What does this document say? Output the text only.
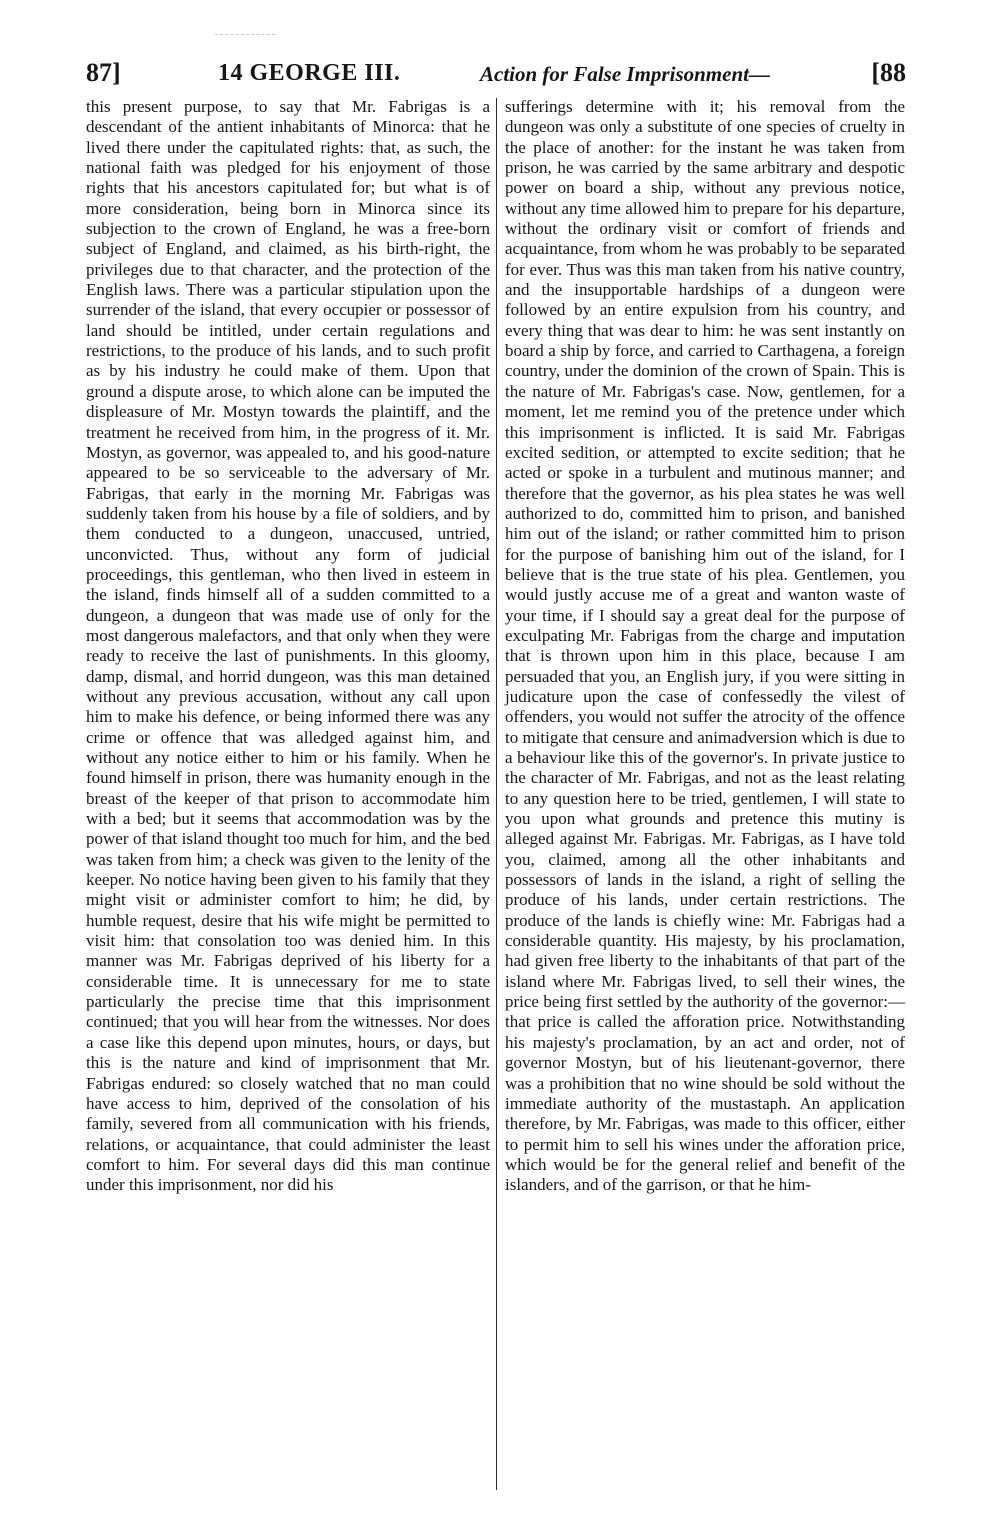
87]	14 GEORGE III.	Action for False Imprisonment—	[88

this present purpose, to say that Mr. Fabrigas is a descendant of the antient inhabitants of Minorca: that he lived there under the capitulated rights: that, as such, the national faith was pledged for his enjoyment of those rights that his ancestors capitulated for; but what is of more consideration, being born in Minorca since its subjection to the crown of England, he was a free-born subject of England, and claimed, as his birth-right, the privileges due to that character, and the protection of the English laws. There was a particular stipulation upon the surrender of the island, that every occupier or possessor of land should be intitled, under certain regulations and restrictions, to the produce of his lands, and to such profit as by his industry he could make of them. Upon that ground a dispute arose, to which alone can be imputed the displeasure of Mr. Mostyn towards the plaintiff, and the treatment he received from him, in the progress of it. Mr. Mostyn, as governor, was appealed to, and his good-nature appeared to be so serviceable to the adversary of Mr. Fabrigas, that early in the morning Mr. Fabrigas was suddenly taken from his house by a file of soldiers, and by them conducted to a dungeon, unaccused, untried, unconvicted. Thus, without any form of judicial proceedings, this gentleman, who then lived in esteem in the island, finds himself all of a sudden committed to a dungeon, a dungeon that was made use of only for the most dangerous malefactors, and that only when they were ready to receive the last of punishments. In this gloomy, damp, dismal, and horrid dungeon, was this man detained without any previous accusation, without any call upon him to make his defence, or being informed there was any crime or offence that was alledged against him, and without any notice either to him or his family. When he found himself in prison, there was humanity enough in the breast of the keeper of that prison to accommodate him with a bed; but it seems that accommodation was by the power of that island thought too much for him, and the bed was taken from him; a check was given to the lenity of the keeper. No notice having been given to his family that they might visit or administer comfort to him; he did, by humble request, desire that his wife might be permitted to visit him: that consolation too was denied him. In this manner was Mr. Fabrigas deprived of his liberty for a considerable time. It is unnecessary for me to state particularly the precise time that this imprisonment continued; that you will hear from the witnesses. Nor does a case like this depend upon minutes, hours, or days, but this is the nature and kind of imprisonment that Mr. Fabrigas endured: so closely watched that no man could have access to him, deprived of the consolation of his family, severed from all communication with his friends, relations, or acquaintance, that could administer the least comfort to him. For several days did this man continue under this imprisonment, nor did his

sufferings determine with it; his removal from the dungeon was only a substitute of one species of cruelty in the place of another: for the instant he was taken from prison, he was carried by the same arbitrary and despotic power on board a ship, without any previous notice, without any time allowed him to prepare for his departure, without the ordinary visit or comfort of friends and acquaintance, from whom he was probably to be separated for ever. Thus was this man taken from his native country, and the insupportable hardships of a dungeon were followed by an entire expulsion from his country, and every thing that was dear to him: he was sent instantly on board a ship by force, and carried to Carthagena, a foreign country, under the dominion of the crown of Spain. This is the nature of Mr. Fabrigas's case. Now, gentlemen, for a moment, let me remind you of the pretence under which this imprisonment is inflicted. It is said Mr. Fabrigas excited sedition, or attempted to excite sedition; that he acted or spoke in a turbulent and mutinous manner; and therefore that the governor, as his plea states he was well authorized to do, committed him to prison, and banished him out of the island; or rather committed him to prison for the purpose of banishing him out of the island, for I believe that is the true state of his plea. Gentlemen, you would justly accuse me of a great and wanton waste of your time, if I should say a great deal for the purpose of exculpating Mr. Fabrigas from the charge and imputation that is thrown upon him in this place, because I am persuaded that you, an English jury, if you were sitting in judicature upon the case of confessedly the vilest of offenders, you would not suffer the atrocity of the offence to mitigate that censure and animadversion which is due to a behaviour like this of the governor's. In private justice to the character of Mr. Fabrigas, and not as the least relating to any question here to be tried, gentlemen, I will state to you upon what grounds and pretence this mutiny is alleged against Mr. Fabrigas. Mr. Fabrigas, as I have told you, claimed, among all the other inhabitants and possessors of lands in the island, a right of selling the produce of his lands, under certain restrictions. The produce of the lands is chiefly wine: Mr. Fabrigas had a considerable quantity. His majesty, by his proclamation, had given free liberty to the inhabitants of that part of the island where Mr. Fabrigas lived, to sell their wines, the price being first settled by the authority of the governor:—that price is called the afforation price. Notwithstanding his majesty's proclamation, by an act and order, not of governor Mostyn, but of his lieutenant-governor, there was a prohibition that no wine should be sold without the immediate authority of the mustastaph. An application therefore, by Mr. Fabrigas, was made to this officer, either to permit him to sell his wines under the afforation price, which would be for the general relief and benefit of the islanders, and of the garrison, or that he him-
